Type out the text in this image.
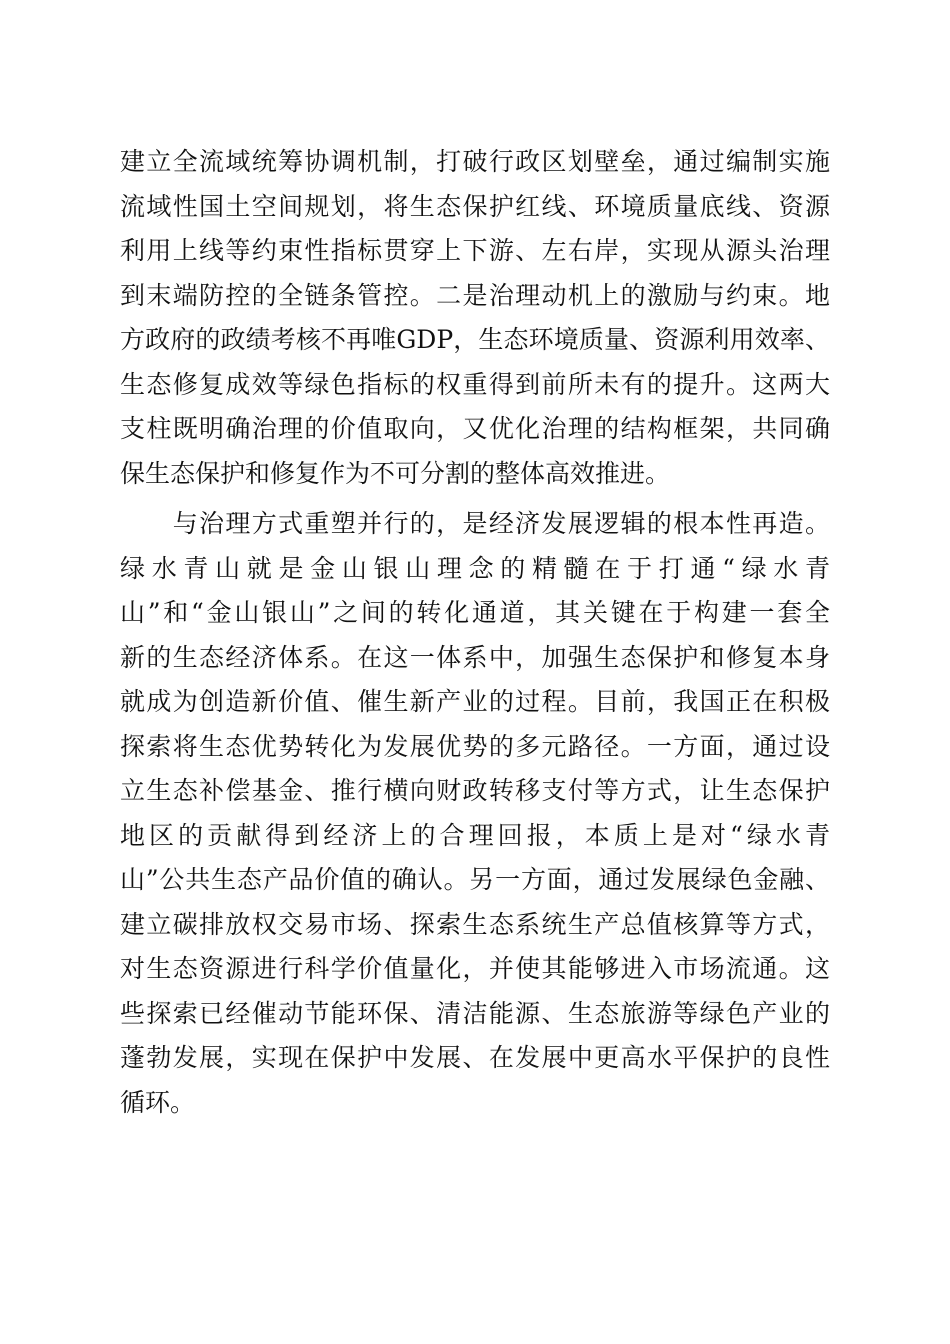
建立全流域统筹协调机制，打破行政区划壁垒，通过编制实施
流域性国土空间规划，将生态保护红线、环境质量底线、资源
利用上线等约束性指标贯穿上下游、左右岸，实现从源头治理
到末端防控的全链条管控。二是治理动机上的激励与约束。地
方政府的政绩考核不再唯GDP，生态环境质量、资源利用效率、
生态修复成效等绿色指标的权重得到前所未有的提升。这两大
支柱既明确治理的价值取向，又优化治理的结构框架，共同确
保生态保护和修复作为不可分割的整体高效推进。
　　与治理方式重塑并行的，是经济发展逻辑的根本性再造。
绿水青山就是金山银山理念的精髓在于打通“绿水青
山”和“金山银山”之间的转化通道，其关键在于构建一套全
新的生态经济体系。在这一体系中，加强生态保护和修复本身
就成为创造新价值、催生新产业的过程。目前，我国正在积极
探索将生态优势转化为发展优势的多元路径。一方面，通过设
立生态补偿基金、推行横向财政转移支付等方式，让生态保护
地区的贡献得到经济上的合理回报，本质上是对“绿水青
山”公共生态产品价值的确认。另一方面，通过发展绿色金融、
建立碳排放权交易市场、探索生态系统生产总值核算等方式，
对生态资源进行科学价值量化，并使其能够进入市场流通。这
些探索已经催动节能环保、清洁能源、生态旅游等绿色产业的
蓬勃发展，实现在保护中发展、在发展中更高水平保护的良性
循环。
